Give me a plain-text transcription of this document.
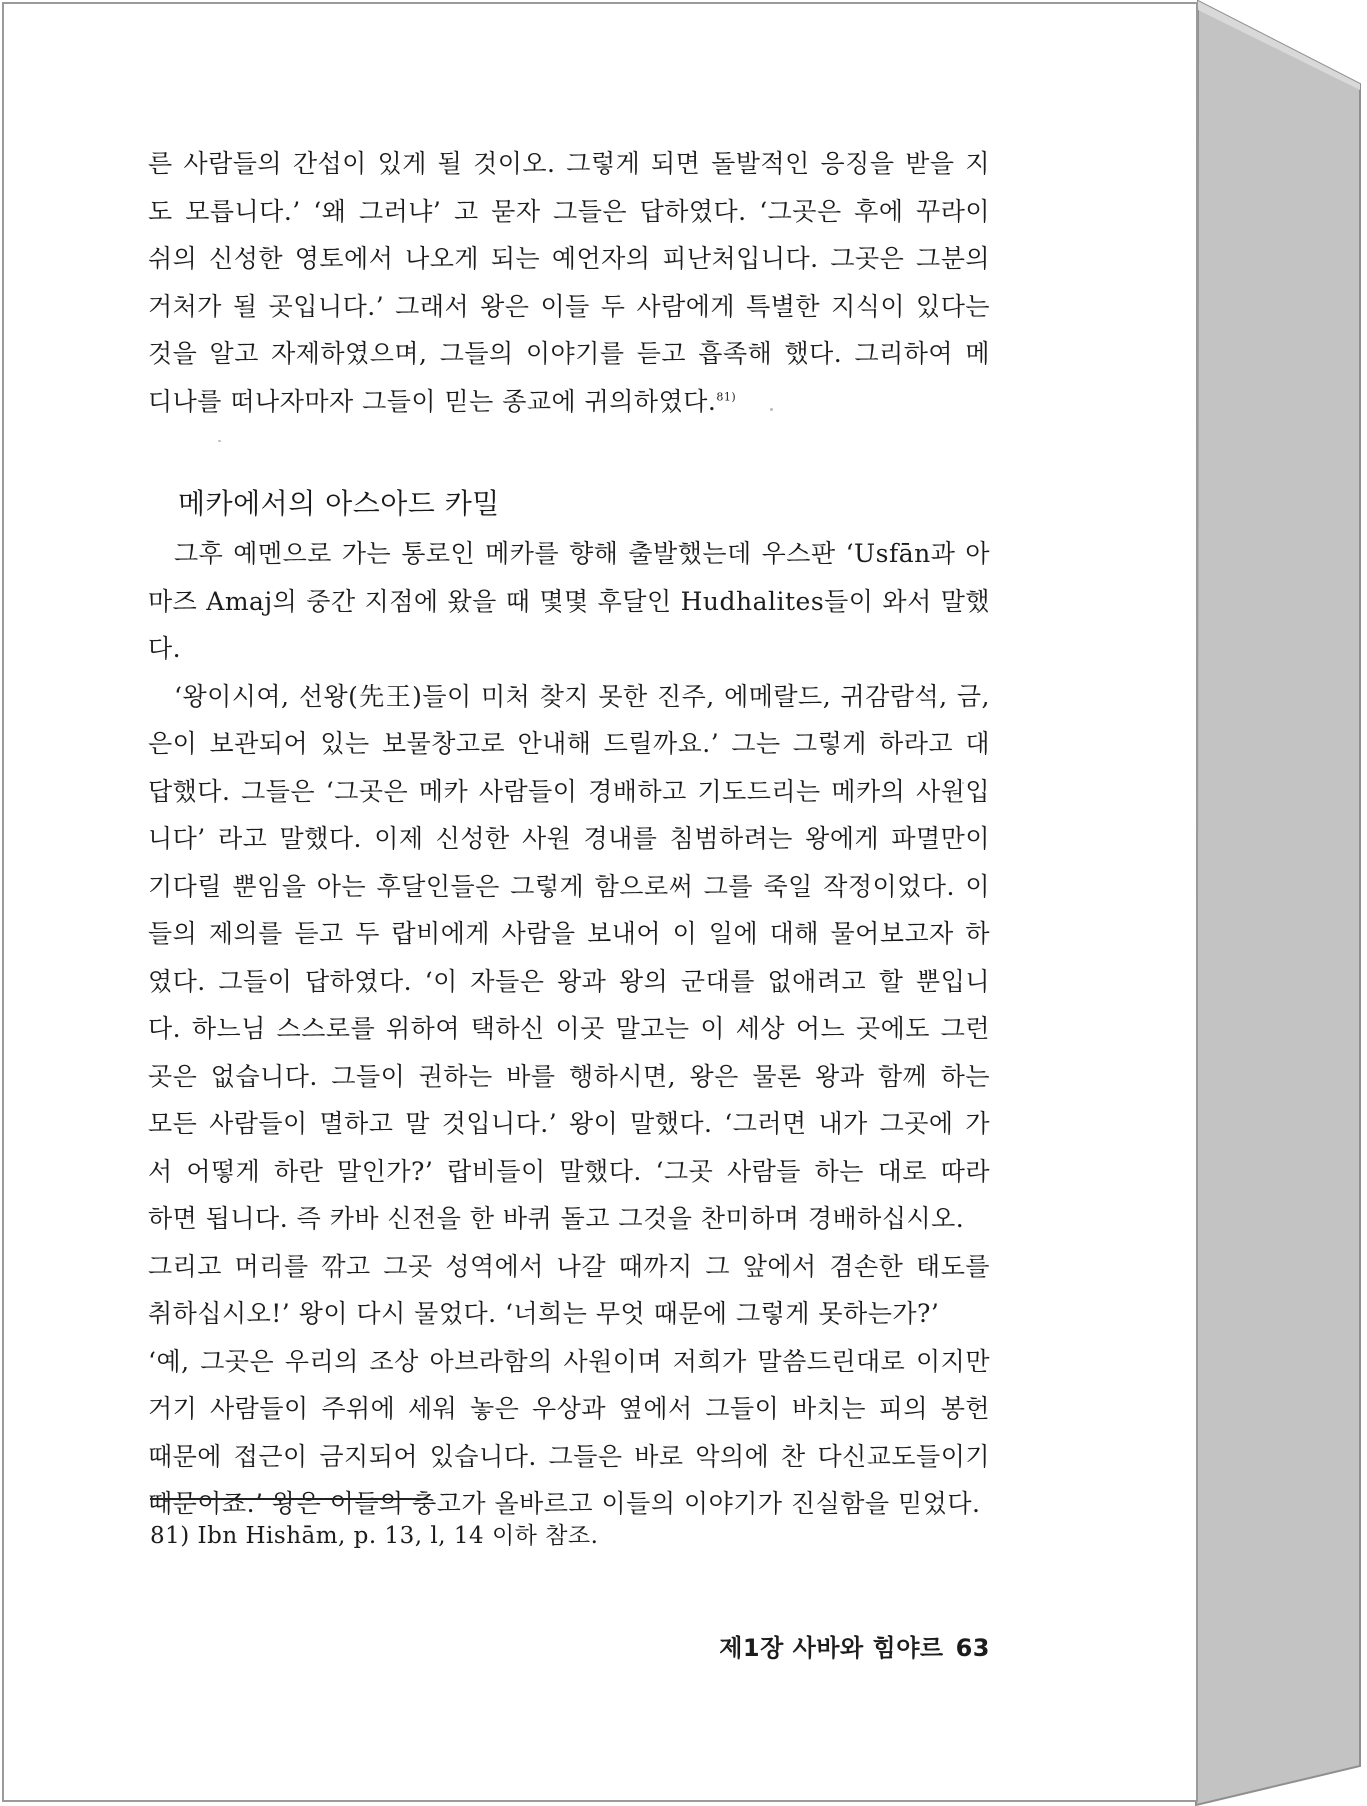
른 사람들의 간섭이 있게 될 것이오. 그렇게 되면 돌발적인 응징을 받을 지

도 모릅니다.’ ‘왜 그러냐’ 고 묻자 그들은 답하였다. ‘그곳은 후에 꾸라이

쉬의 신성한 영토에서 나오게 되는 예언자의 피난처입니다. 그곳은 그분의

거처가 될 곳입니다.’ 그래서 왕은 이들 두 사람에게 특별한 지식이 있다는

것을 알고 자제하였으며, 그들의 이야기를 듣고 흡족해 했다. 그리하여 메

디나를 떠나자마자 그들이 믿는 종교에 귀의하였다.$^{81)}$

메카에서의 아스아드 카밀

그후 예멘으로 가는 통로인 메카를 향해 출발했는데 우스판 ‘Usfān과 아

마즈 Amaj의 중간 지점에 왔을 때 몇몇 후달인 Hudhalites들이 와서 말했다.

‘왕이시여, 선왕(先王)들이 미처 찾지 못한 진주, 에메랄드, 귀감람석, 금,

은이 보관되어 있는 보물창고로 안내해 드릴까요.’ 그는 그렇게 하라고 대

답했다. 그들은 ‘그곳은 메카 사람들이 경배하고 기도드리는 메카의 사원입

니다’ 라고 말했다. 이제 신성한 사원 경내를 침범하려는 왕에게 파멸만이

기다릴 뿐임을 아는 후달인들은 그렇게 함으로써 그를 죽일 작정이었다. 이

들의 제의를 듣고 두 랍비에게 사람을 보내어 이 일에 대해 물어보고자 하

였다. 그들이 답하였다. ‘이 자들은 왕과 왕의 군대를 없애려고 할 뿐입니

다. 하느님 스스로를 위하여 택하신 이곳 말고는 이 세상 어느 곳에도 그런

곳은 없습니다. 그들이 권하는 바를 행하시면, 왕은 물론 왕과 함께 하는

모든 사람들이 멸하고 말 것입니다.’ 왕이 말했다. ‘그러면 내가 그곳에 가

서 어떻게 하란 말인가?’ 랍비들이 말했다. ‘그곳 사람들 하는 대로 따라

하면 됩니다. 즉 카바 신전을 한 바퀴 돌고 그것을 찬미하며 경배하십시오.

그리고 머리를 깎고 그곳 성역에서 나갈 때까지 그 앞에서 겸손한 태도를

취하십시오!’ 왕이 다시 물었다. ‘너희는 무엇 때문에 그렇게 못하는가?’

‘예, 그곳은 우리의 조상 아브라함의 사원이며 저희가 말씀드린대로 이지만

거기 사람들이 주위에 세워 놓은 우상과 옆에서 그들이 바치는 피의 봉헌

때문에 접근이 금지되어 있습니다. 그들은 바로 악의에 찬 다신교도들이기

때문이죠.’ 왕은 이들의 충고가 올바르고 이들의 이야기가 진실함을 믿었다.

81) Ibn Hishām, p. 13, l, 14 이하 참조.
제1장 사바와 힘야르 63
